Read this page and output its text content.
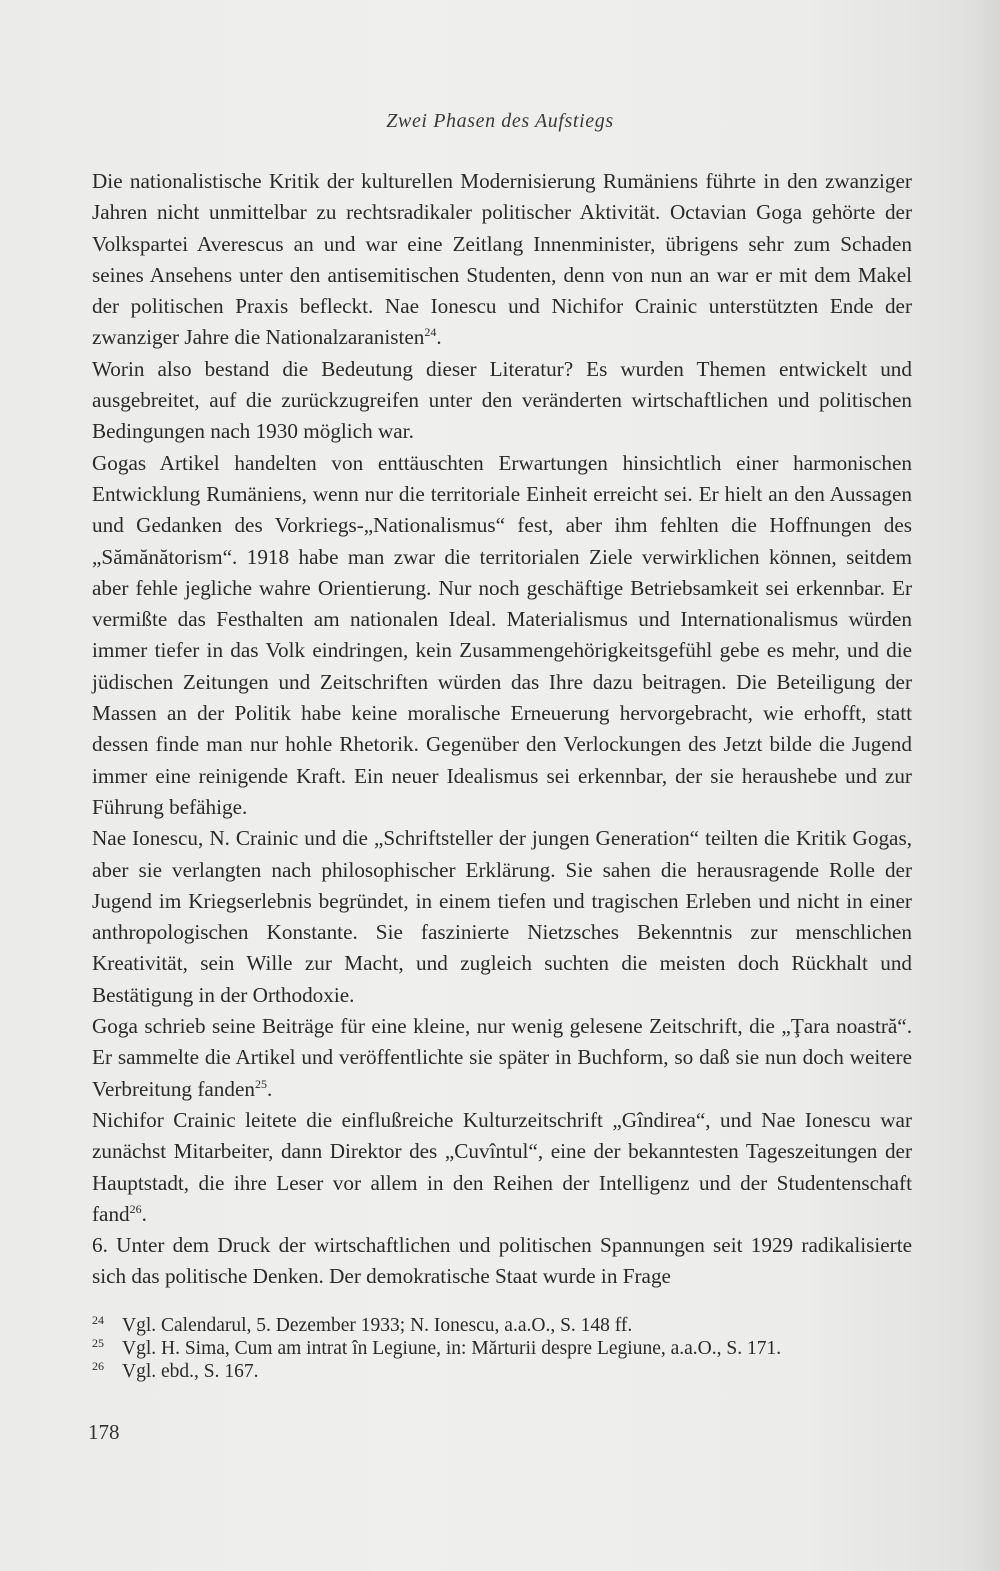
Zwei Phasen des Aufstiegs

Die nationalistische Kritik der kulturellen Modernisierung Rumäniens führte in den zwanziger Jahren nicht unmittelbar zu rechtsradikaler politischer Aktivität. Octavian Goga gehörte der Volkspartei Averescus an und war eine Zeitlang Innenminister, übrigens sehr zum Schaden seines Ansehens unter den antisemitischen Studenten, denn von nun an war er mit dem Makel der politischen Praxis befleckt. Nae Ionescu und Nichifor Crainic unterstützten Ende der zwanziger Jahre die Nationalzaranisten$^{24}$.

Worin also bestand die Bedeutung dieser Literatur? Es wurden Themen entwickelt und ausgebreitet, auf die zurückzugreifen unter den veränderten wirtschaftlichen und politischen Bedingungen nach 1930 möglich war.

Gogas Artikel handelten von enttäuschten Erwartungen hinsichtlich einer harmonischen Entwicklung Rumäniens, wenn nur die territoriale Einheit erreicht sei. Er hielt an den Aussagen und Gedanken des Vorkriegs-„Nationalismus“ fest, aber ihm fehlten die Hoffnungen des „Sămănătorism“. 1918 habe man zwar die territorialen Ziele verwirklichen können, seitdem aber fehle jegliche wahre Orientierung. Nur noch geschäftige Betriebsamkeit sei erkennbar. Er vermißte das Festhalten am nationalen Ideal. Materialismus und Internationalismus würden immer tiefer in das Volk eindringen, kein Zusammengehörigkeitsgefühl gebe es mehr, und die jüdischen Zeitungen und Zeitschriften würden das Ihre dazu beitragen. Die Beteiligung der Massen an der Politik habe keine moralische Erneuerung hervorgebracht, wie erhofft, statt dessen finde man nur hohle Rhetorik. Gegenüber den Verlockungen des Jetzt bilde die Jugend immer eine reinigende Kraft. Ein neuer Idealismus sei erkennbar, der sie heraushebe und zur Führung befähige.

Nae Ionescu, N. Crainic und die „Schriftsteller der jungen Generation“ teilten die Kritik Gogas, aber sie verlangten nach philosophischer Erklärung. Sie sahen die herausragende Rolle der Jugend im Kriegserlebnis begründet, in einem tiefen und tragischen Erleben und nicht in einer anthropologischen Konstante. Sie faszinierte Nietzsches Bekenntnis zur menschlichen Kreativität, sein Wille zur Macht, und zugleich suchten die meisten doch Rückhalt und Bestätigung in der Orthodoxie.

Goga schrieb seine Beiträge für eine kleine, nur wenig gelesene Zeitschrift, die „Ţara noastră“. Er sammelte die Artikel und veröffentlichte sie später in Buchform, so daß sie nun doch weitere Verbreitung fanden$^{25}$.

Nichifor Crainic leitete die einflußreiche Kulturzeitschrift „Gîndirea“, und Nae Ionescu war zunächst Mitarbeiter, dann Direktor des „Cuvîntul“, eine der bekanntesten Tageszeitungen der Hauptstadt, die ihre Leser vor allem in den Reihen der Intelligenz und der Studentenschaft fand$^{26}$.

6. Unter dem Druck der wirtschaftlichen und politischen Spannungen seit 1929 radikalisierte sich das politische Denken. Der demokratische Staat wurde in Frage

24 Vgl. Calendarul, 5. Dezember 1933; N. Ionescu, a.a.O., S. 148 ff.
25 Vgl. H. Sima, Cum am intrat în Legiune, in: Mărturii despre Legiune, a.a.O., S. 171.
26 Vgl. ebd., S. 167.
178
